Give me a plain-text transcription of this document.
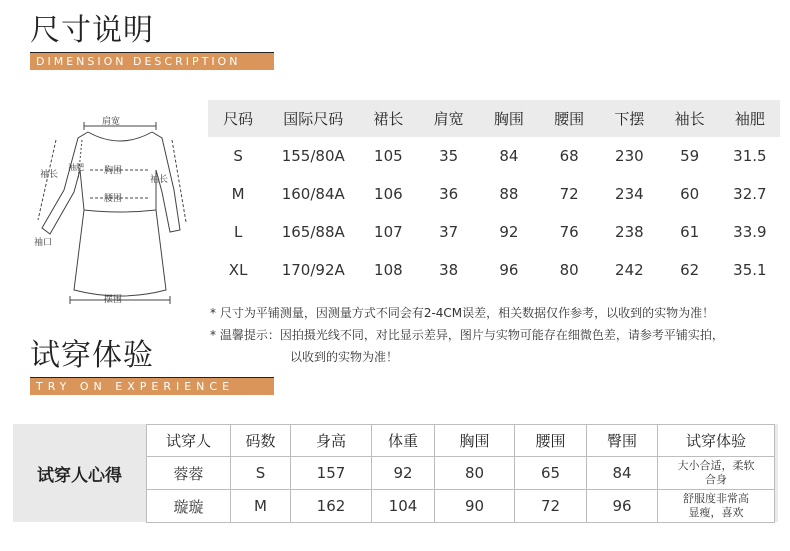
尺寸说明
DIMENSION DESCRIPTION
肩宽
袖长	袖长
袖肥 胸围
腰围
袖口
摆围
尺码	国际尺码	裙长	肩宽	胸围	腰围	下摆	袖长	袖肥
S	155/80A	105	35	84	68	230	59	31.5
M	160/84A	106	36	88	72	234	60	32.7
L	165/88A	107	37	92	76	238	61	33.9
XL	170/92A	108	38	96	80	242	62	35.1
* 尺寸为平铺测量，因测量方式不同会有2-4CM误差，相关数据仅作参考，以收到的实物为准！
* 温馨提示：因拍摄光线不同，对比显示差异，图片与实物可能存在细微色差，请参考平铺实拍，
以收到的实物为准！
试穿体验
TRY ON EXPERIENCE
试穿人心得
试穿人	码数	身高	体重	胸围	腰围	臀围	试穿体验
蓉蓉	S	157	92	80	65	84	大小合适，柔软
合身

璇璇	M	162	104	90	72	96	舒服度非常高
显瘦，喜欢
